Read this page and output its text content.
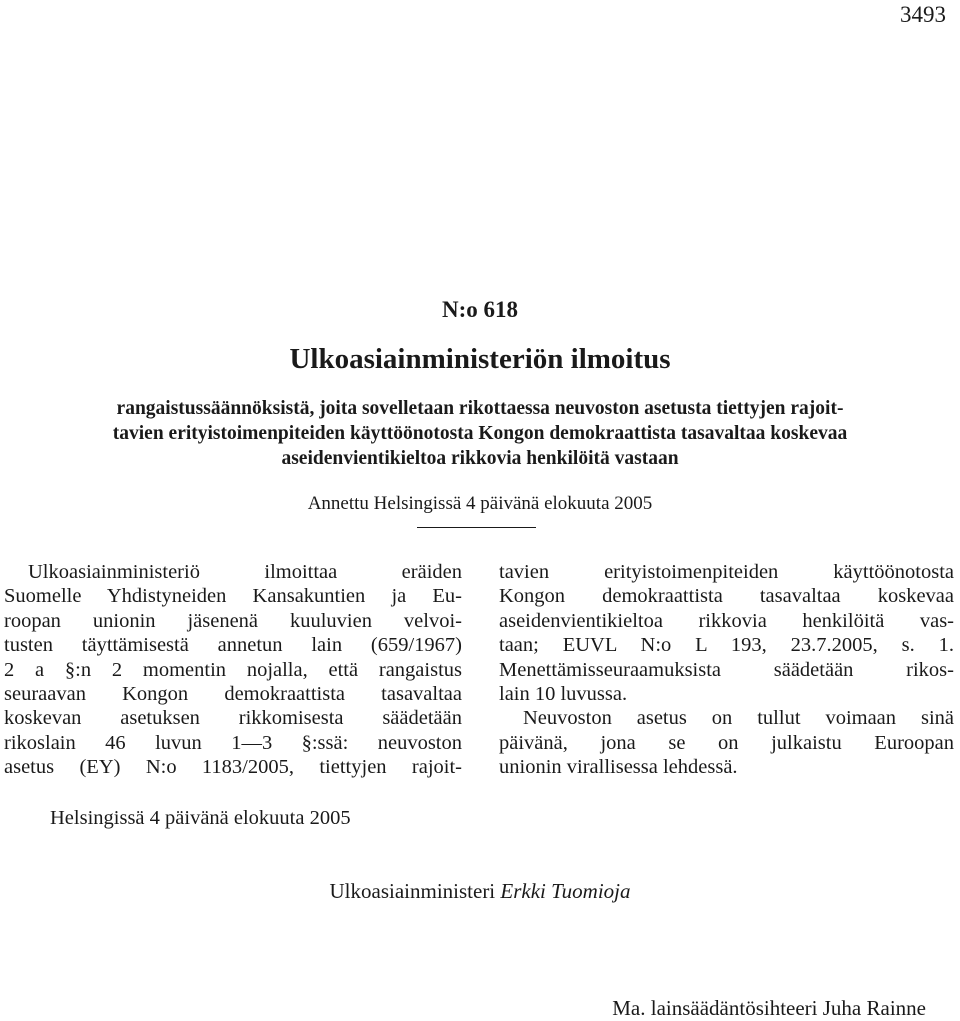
3493
N:o 618
Ulkoasiainministeriön ilmoitus
rangaistussäännöksistä, joita sovelletaan rikottaessa neuvoston asetusta tiettyjen rajoit-
tavien erityistoimenpiteiden käyttöönotosta Kongon demokraattista tasavaltaa koskevaa
aseidenvientikieltoa rikkovia henkilöitä vastaan
Annettu Helsingissä 4 päivänä elokuuta 2005
Ulkoasiainministeriö ilmoittaa eräiden
Suomelle Yhdistyneiden Kansakuntien ja Eu-
roopan unionin jäsenenä kuuluvien velvoi-
tusten täyttämisestä annetun lain (659/1967)
2 a §:n 2 momentin nojalla, että rangaistus
seuraavan Kongon demokraattista tasavaltaa
koskevan asetuksen rikkomisesta säädetään
rikoslain 46 luvun 1—3 §:ssä: neuvoston
asetus (EY) N:o 1183/2005, tiettyjen rajoit-
tavien erityistoimenpiteiden käyttöönotosta
Kongon demokraattista tasavaltaa koskevaa
aseidenvientikieltoa rikkovia henkilöitä vas-
taan; EUVL N:o L 193, 23.7.2005, s. 1.
Menettämisseuraamuksista säädetään rikos-
lain 10 luvussa.
Neuvoston asetus on tullut voimaan sinä
päivänä, jona se on julkaistu Euroopan
unionin virallisessa lehdessä.
Helsingissä 4 päivänä elokuuta 2005
Ulkoasiainministeri Erkki Tuomioja
Ma. lainsäädäntösihteeri Juha Rainne
